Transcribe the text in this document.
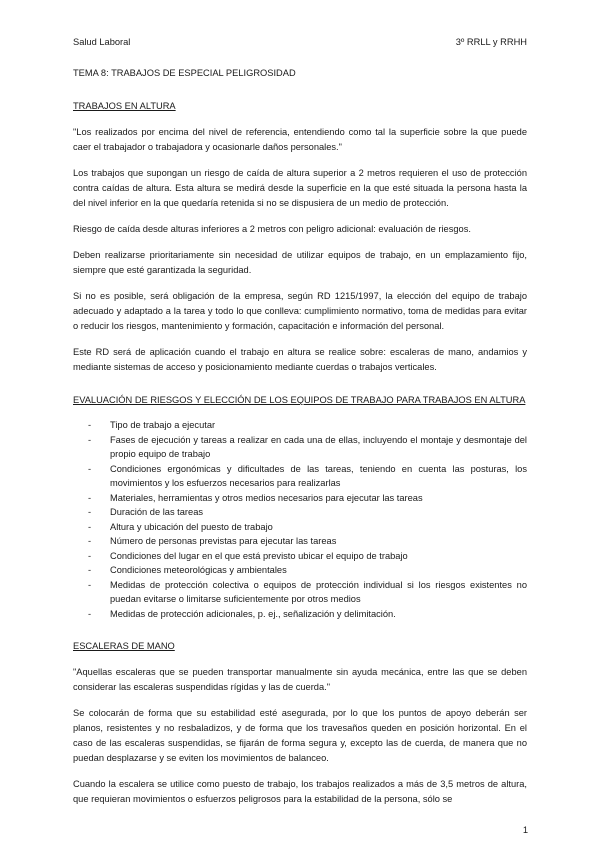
Salud Laboral	3º RRLL y RRHH
TEMA 8: TRABAJOS DE ESPECIAL PELIGROSIDAD
TRABAJOS EN ALTURA

"Los realizados por encima del nivel de referencia, entendiendo como tal la superficie sobre la que puede caer el trabajador o trabajadora y ocasionarle daños personales."

Los trabajos que supongan un riesgo de caída de altura superior a 2 metros requieren el uso de protección contra caídas de altura. Esta altura se medirá desde la superficie en la que esté situada la persona hasta la del nivel inferior en la que quedaría retenida si no se dispusiera de un medio de protección.

Riesgo de caída desde alturas inferiores a 2 metros con peligro adicional: evaluación de riesgos.

Deben realizarse prioritariamente sin necesidad de utilizar equipos de trabajo, en un emplazamiento fijo, siempre que esté garantizada la seguridad.

Si no es posible, será obligación de la empresa, según RD 1215/1997, la elección del equipo de trabajo adecuado y adaptado a la tarea y todo lo que conlleva: cumplimiento normativo, toma de medidas para evitar o reducir los riesgos, mantenimiento y formación, capacitación e información del personal.

Este RD será de aplicación cuando el trabajo en altura se realice sobre: escaleras de mano, andamios y mediante sistemas de acceso y posicionamiento mediante cuerdas o trabajos verticales.

EVALUACIÓN DE RIESGOS Y ELECCIÓN DE LOS EQUIPOS DE TRABAJO PARA TRABAJOS EN ALTURA
- Tipo de trabajo a ejecutar
- Fases de ejecución y tareas a realizar en cada una de ellas, incluyendo el montaje y desmontaje del propio equipo de trabajo
- Condiciones ergonómicas y dificultades de las tareas, teniendo en cuenta las posturas, los movimientos y los esfuerzos necesarios para realizarlas
- Materiales, herramientas y otros medios necesarios para ejecutar las tareas
- Duración de las tareas
- Altura y ubicación del puesto de trabajo
- Número de personas previstas para ejecutar las tareas
- Condiciones del lugar en el que está previsto ubicar el equipo de trabajo
- Condiciones meteorológicas y ambientales
- Medidas de protección colectiva o equipos de protección individual si los riesgos existentes no puedan evitarse o limitarse suficientemente por otros medios
- Medidas de protección adicionales, p. ej., señalización y delimitación.
ESCALERAS DE MANO

"Aquellas escaleras que se pueden transportar manualmente sin ayuda mecánica, entre las que se deben considerar las escaleras suspendidas rígidas y las de cuerda."

Se colocarán de forma que su estabilidad esté asegurada, por lo que los puntos de apoyo deberán ser planos, resistentes y no resbaladizos, y de forma que los travesaños queden en posición horizontal. En el caso de las escaleras suspendidas, se fijarán de forma segura y, excepto las de cuerda, de manera que no puedan desplazarse y se eviten los movimientos de balanceo.

Cuando la escalera se utilice como puesto de trabajo, los trabajos realizados a más de 3,5 metros de altura, que requieran movimientos o esfuerzos peligrosos para la estabilidad de la persona, sólo se

1
